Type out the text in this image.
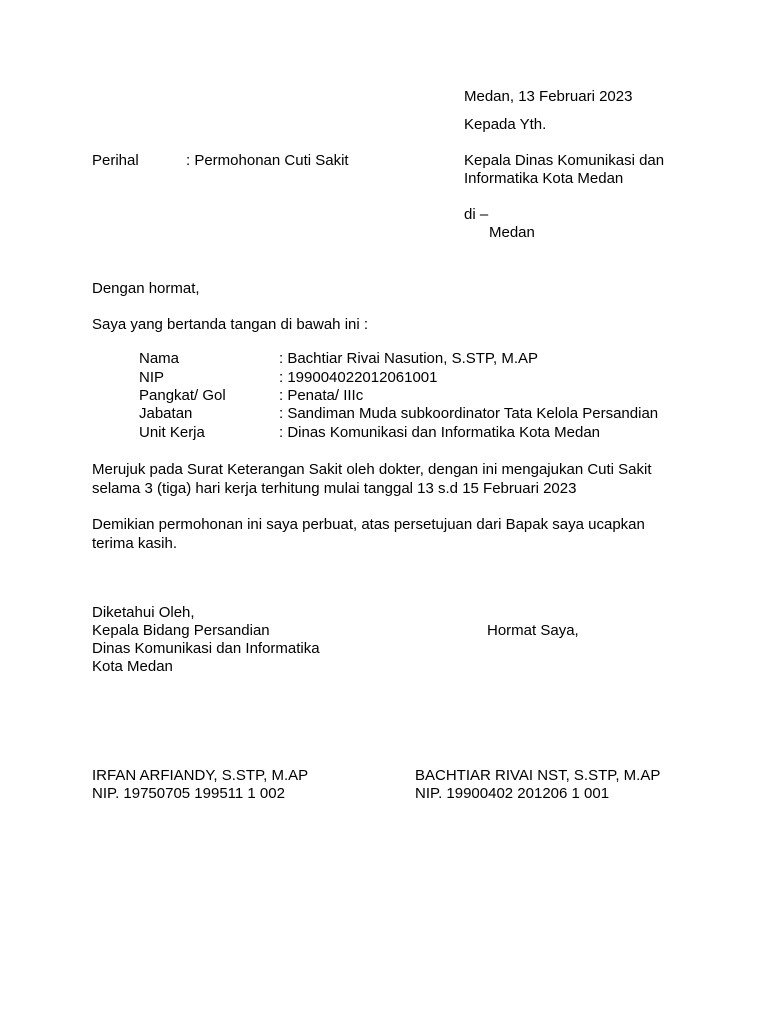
Medan, 13 Februari 2023
Kepada Yth.
Perihal	: Permohonan Cuti Sakit	Kepala Dinas Komunikasi dan
Informatika Kota Medan
di –
Medan
Dengan hormat,
Saya yang bertanda tangan di bawah ini :
Nama	: Bachtiar Rivai Nasution, S.STP, M.AP
NIP	: 199004022012061001
Pangkat/ Gol	: Penata/ IIIc
Jabatan	: Sandiman Muda subkoordinator Tata Kelola Persandian
Unit Kerja	: Dinas Komunikasi dan Informatika Kota Medan
Merujuk pada Surat Keterangan Sakit oleh dokter, dengan ini mengajukan Cuti Sakit
selama 3 (tiga) hari kerja terhitung mulai tanggal 13 s.d 15 Februari 2023
Demikian permohonan ini saya perbuat, atas persetujuan dari Bapak saya ucapkan
terima kasih.
Diketahui Oleh,
Kepala Bidang Persandian
Dinas Komunikasi dan Informatika
Kota Medan
Hormat Saya,
IRFAN ARFIANDY, S.STP, M.AP
NIP. 19750705 199511 1 002
BACHTIAR RIVAI NST, S.STP, M.AP
NIP. 19900402 201206 1 001
